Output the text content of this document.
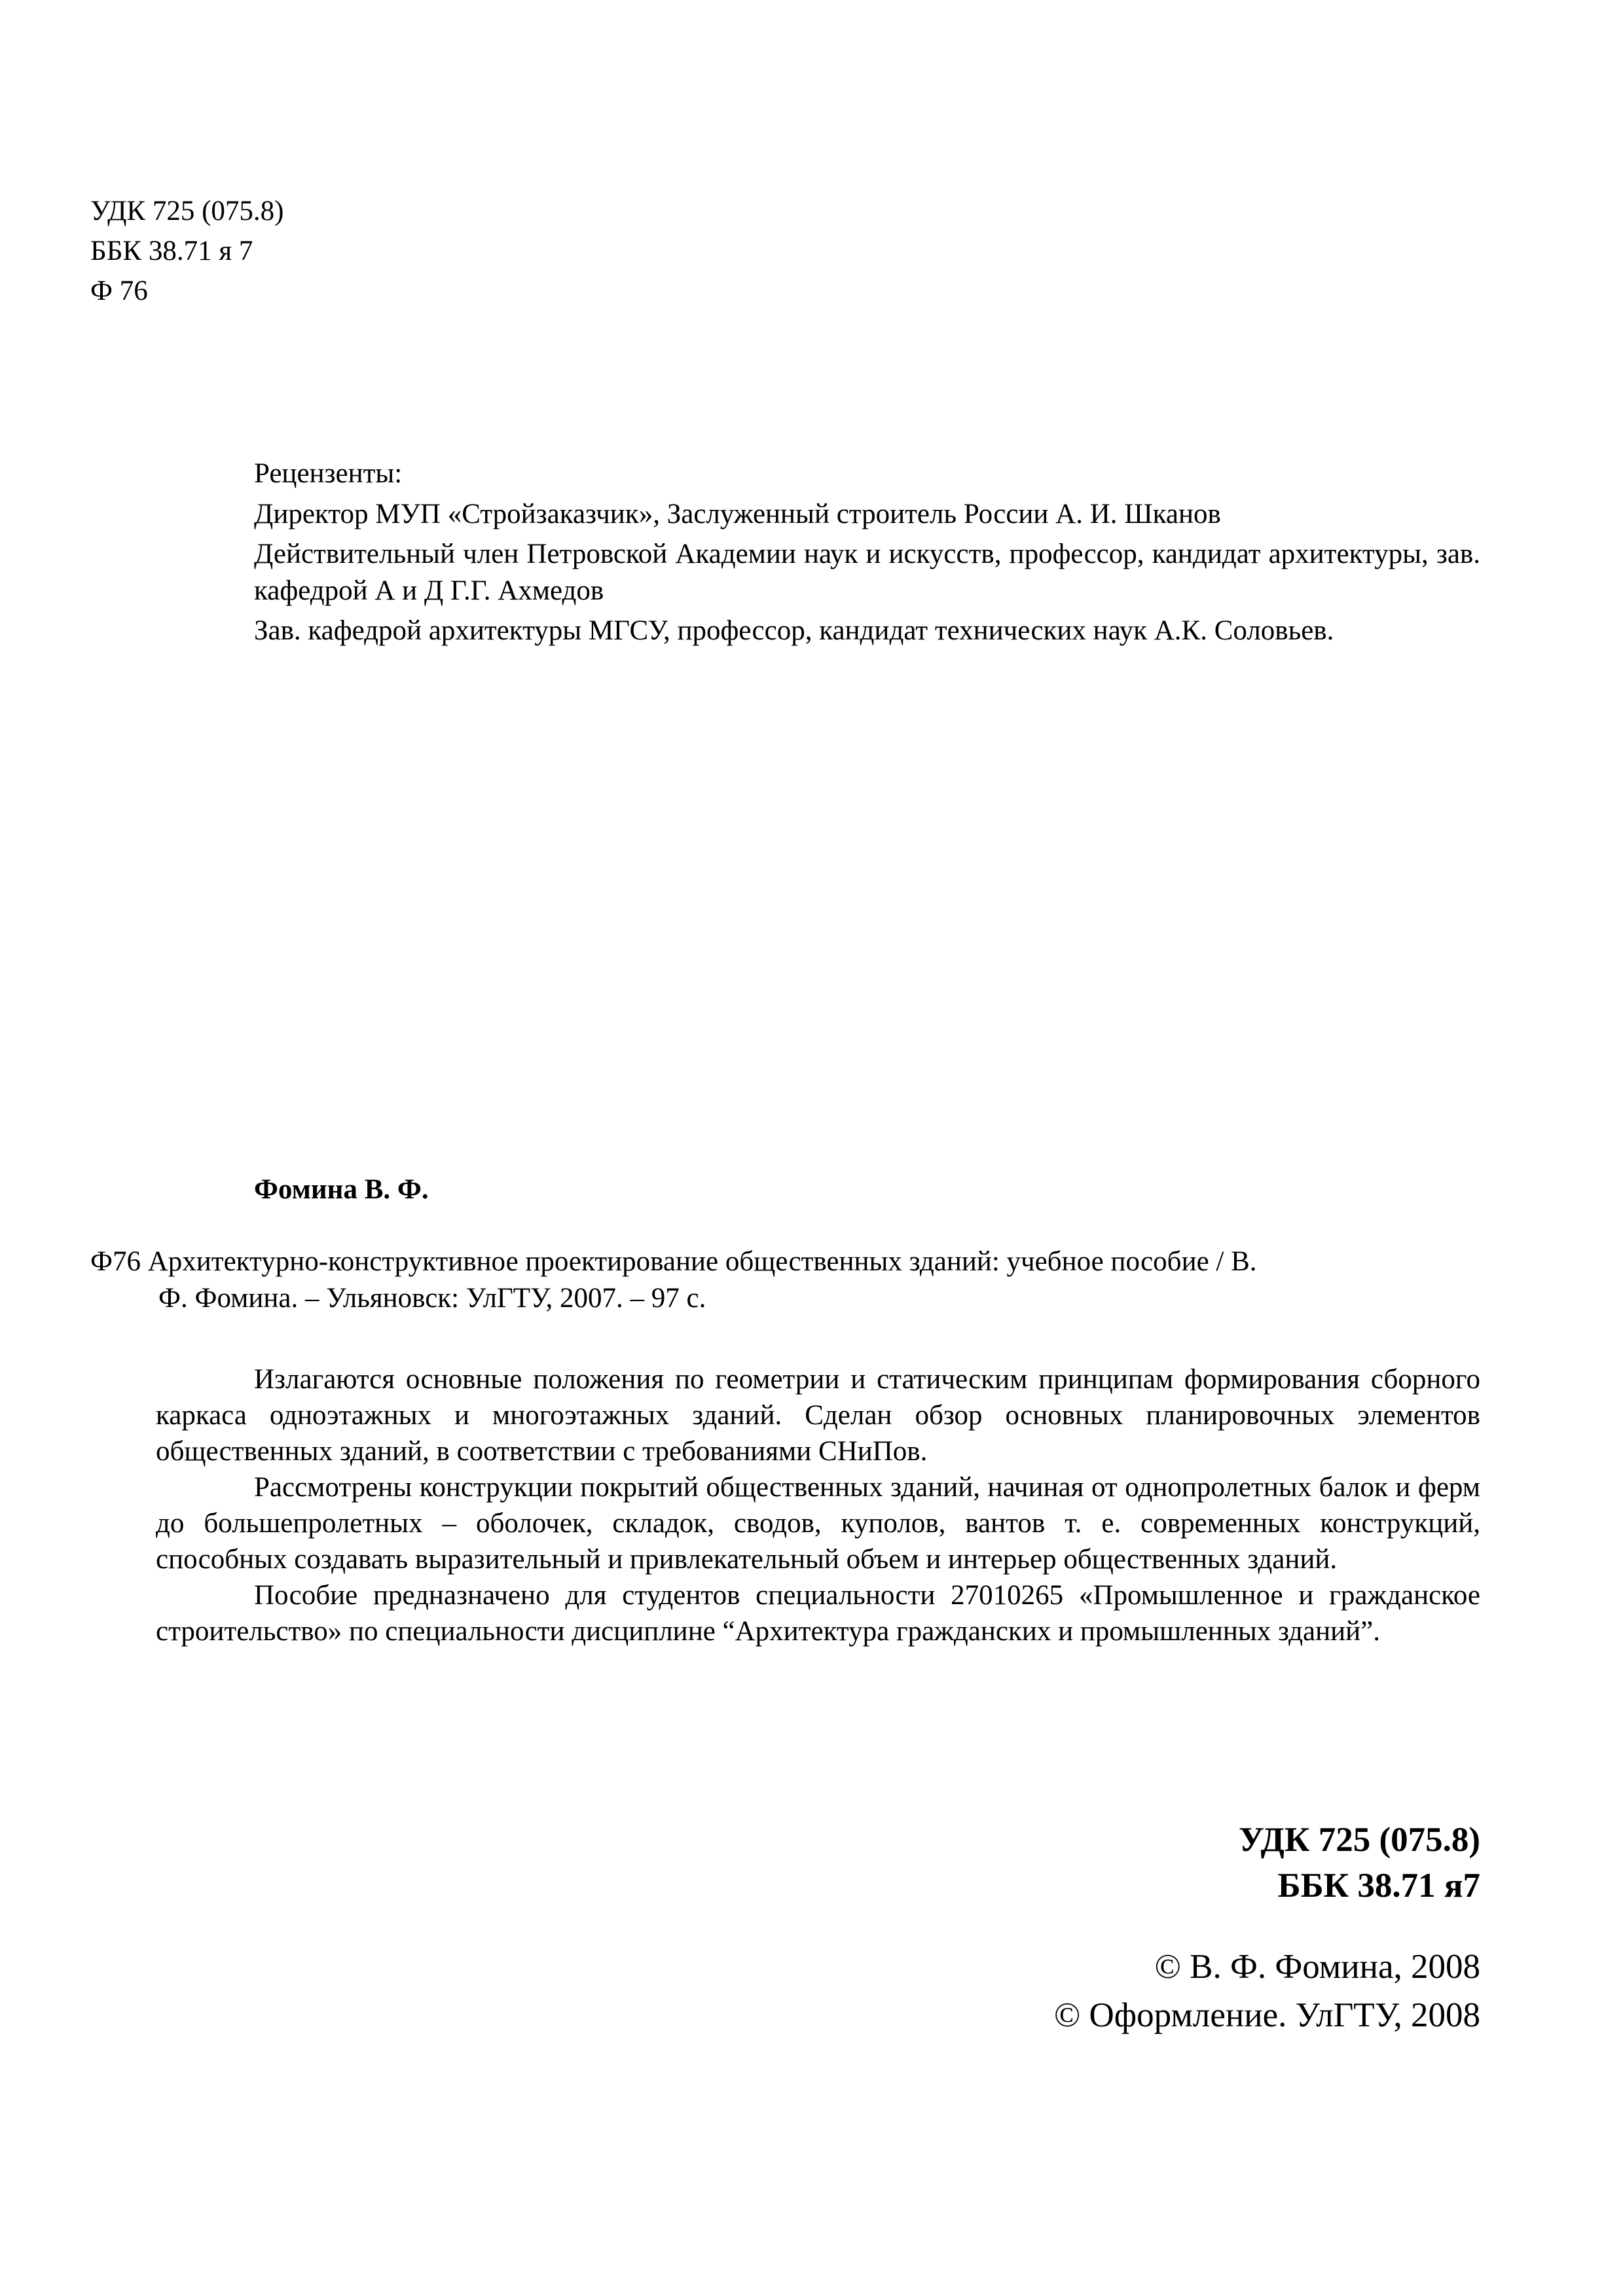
УДК 725 (075.8)
ББК 38.71 я 7
Ф 76
Рецензенты:
Директор МУП «Стройзаказчик», Заслуженный строитель России А. И. Шканов
Действительный член Петровской Академии наук и искусств, профессор, кандидат архитектуры, зав. кафедрой А и Д Г.Г. Ахмедов
Зав. кафедрой архитектуры МГСУ, профессор, кандидат технических наук А.К. Соловьев.
Фомина В. Ф.
Ф76 Архитектурно-конструктивное проектирование общественных зданий: учебное пособие / В.
Ф. Фомина. – Ульяновск: УлГТУ, 2007. – 97 с.

Излагаются основные положения по геометрии и статическим принципам формирования сборного каркаса одноэтажных и многоэтажных зданий. Сделан обзор основных планировочных элементов общественных зданий, в соответствии с требованиями СНиПов.

Рассмотрены конструкции покрытий общественных зданий, начиная от однопролетных балок и ферм до большепролетных – оболочек, складок, сводов, куполов, вантов т. е. современных конструкций, способных создавать выразительный и привлекательный объем и интерьер общественных зданий.

Пособие предназначено для студентов специальности 27010265 «Промышленное и гражданское строительство» по специальности дисциплине “Архитектура гражданских и промышленных зданий”.

УДК 725 (075.8)
ББК 38.71 я7
© В. Ф. Фомина, 2008
© Оформление. УлГТУ, 2008
